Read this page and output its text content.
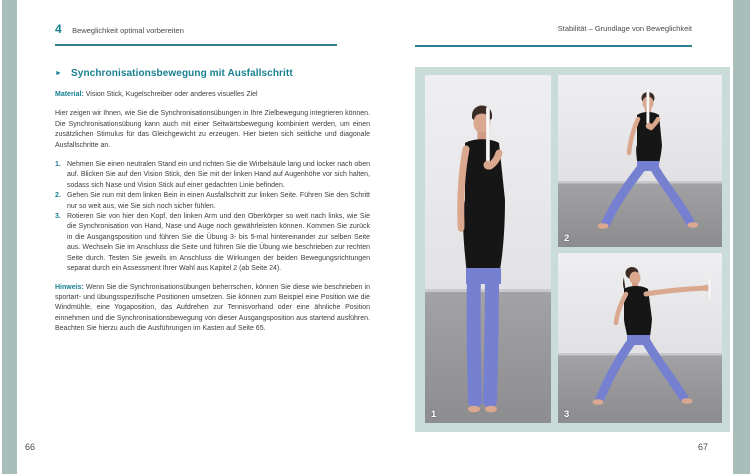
4 Beweglichkeit optimal vorbereiten
► Synchronisationsbewegung mit Ausfallschritt

Material: Vision Stick, Kugelschreiber oder anderes visuelles Ziel

Hier zeigen wir Ihnen, wie Sie die Synchronisationsübungen in Ihre Zielbewegung integrieren können. Die Synchronisationsübung kann auch mit einer Seitwärtsbewegung kombiniert werden, um einen zusätzlichen Stimulus für das Gleichgewicht zu erzeugen. Hier bieten sich seitliche und diagonale Ausfallschritte an.

1. Nehmen Sie einen neutralen Stand ein und richten Sie die Wirbelsäule lang und locker nach oben auf. Blicken Sie auf den Vision Stick, den Sie mit der linken Hand auf Augenhöhe vor sich halten, sodass sich Nase und Vision Stick auf einer gedachten Linie befinden.
2. Gehen Sie nun mit dem linken Bein in einen Ausfallschritt zur linken Seite. Führen Sie den Schritt nur so weit aus, wie Sie sich noch sicher fühlen.
3. Rotieren Sie von hier den Kopf, den linken Arm und den Oberkörper so weit nach links, wie Sie die Synchronisation von Hand, Nase und Auge noch gewährleisten können. Kommen Sie zurück in die Ausgangsposition und führen Sie die Übung 3- bis 5-mal hintereinander zur selben Seite aus. Wechseln Sie im Anschluss die Seite und führen Sie die Übung wie beschrieben zur rechten Seite durch. Testen Sie jeweils im Anschluss die Wirkungen der beiden Bewegungsrichtungen separat durch ein Assessment Ihrer Wahl aus Kapitel 2 (ab Seite 24).

Hinweis: Wenn Sie die Synchronisationsübungen beherrschen, können Sie diese wie beschrieben in sportart- und übungsspezifische Positionen umsetzen. Sie können zum Beispiel eine Position wie die Windmühle, eine Yogaposition, das Aufdrehen zur Tennisvorhand oder eine ähnliche Position einnehmen und die Synchronisationsbewegung von dieser Ausgangsposition aus startend ausführen. Beachten Sie hierzu auch die Ausführungen im Kasten auf Seite 65.

66
Stabilität – Grundlage von Beweglichkeit
1
2
3
67
